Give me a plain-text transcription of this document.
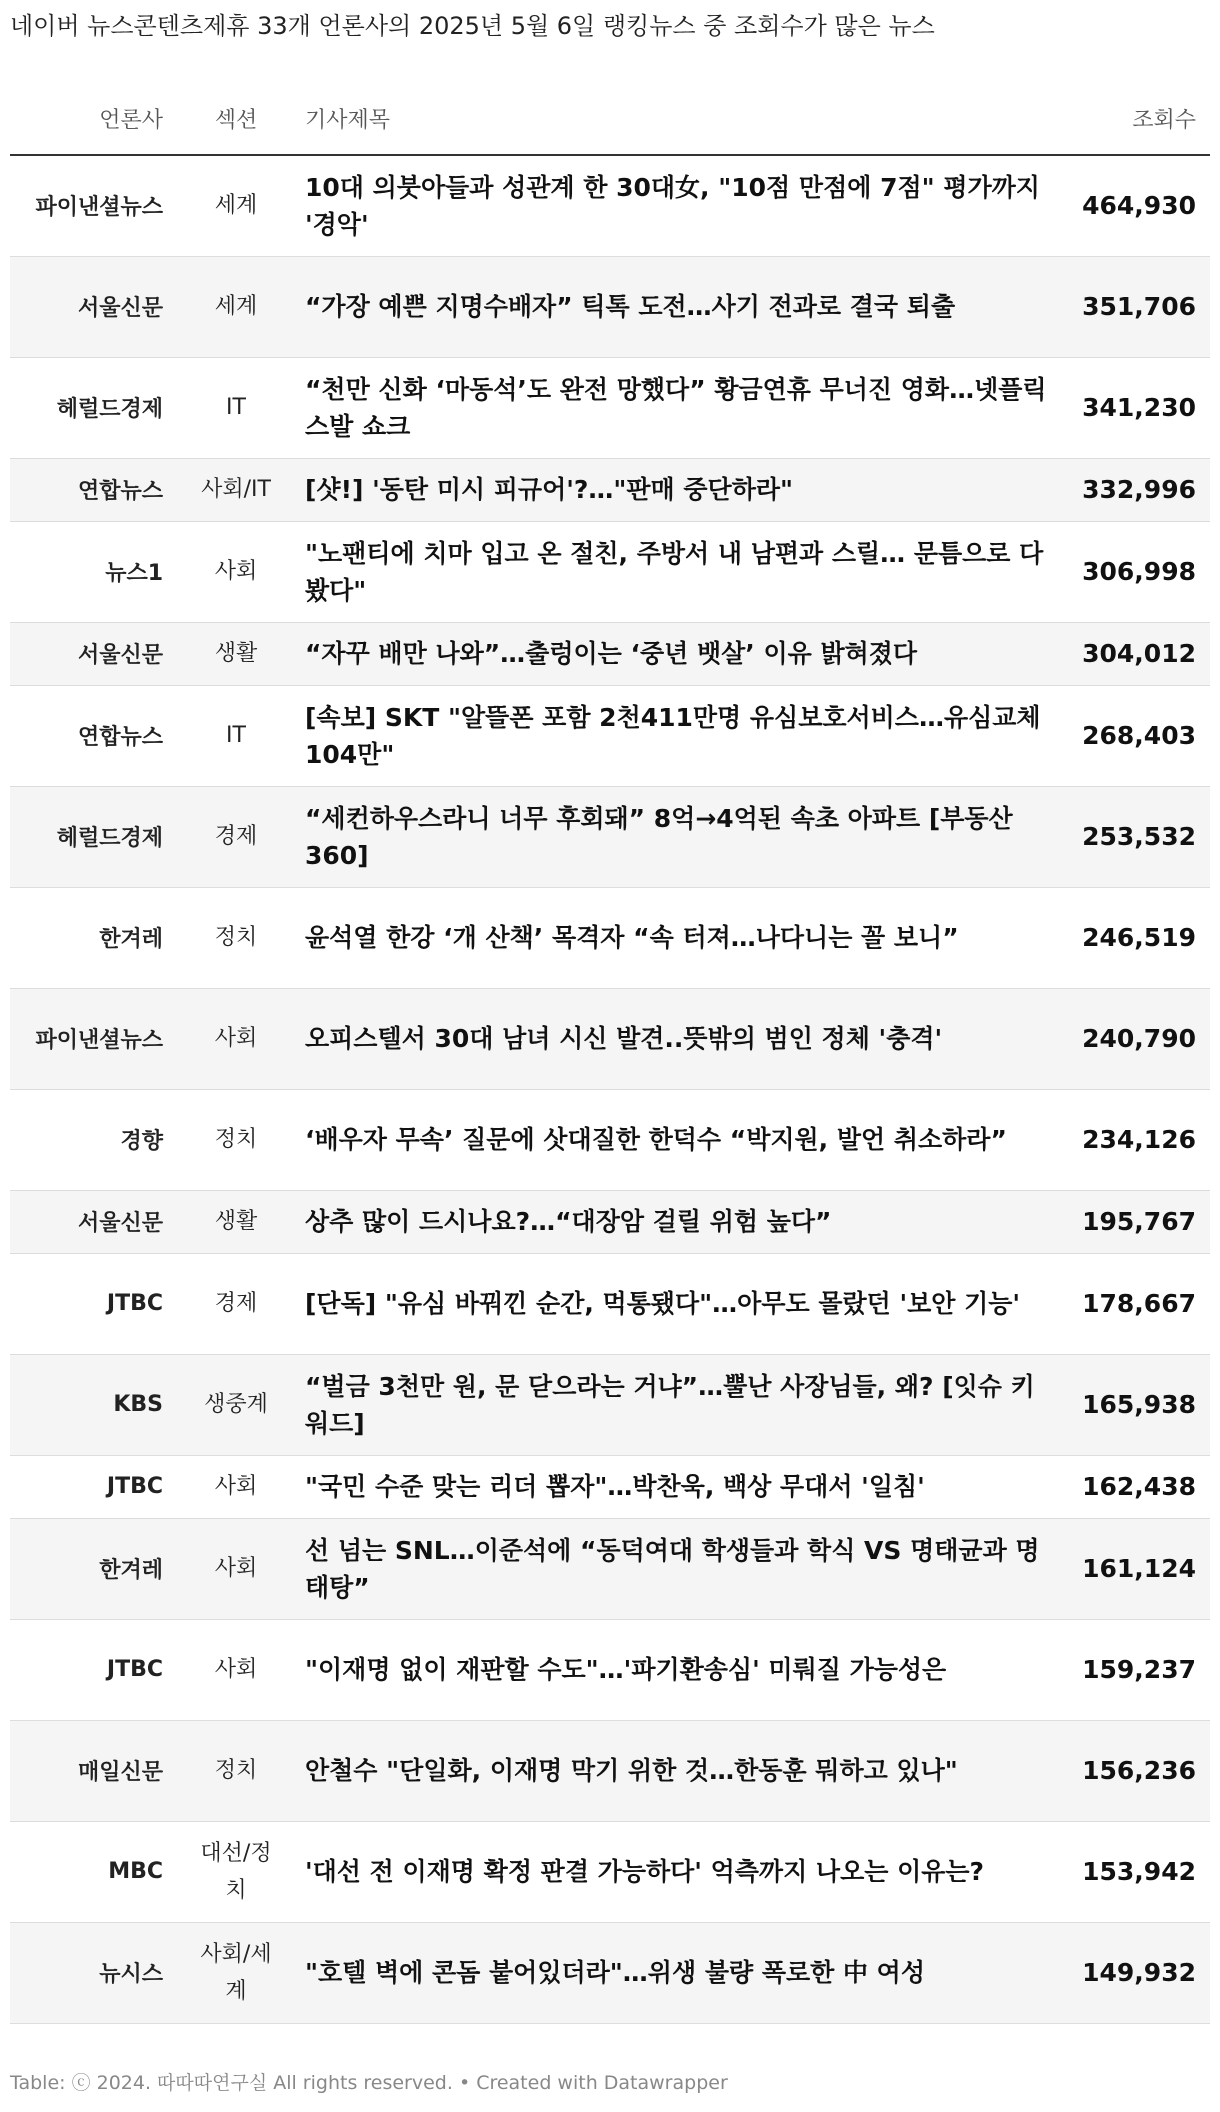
네이버 뉴스콘텐츠제휴 33개 언론사의 2025년 5월 6일 랭킹뉴스 중 조회수가 많은 뉴스
언론사	섹션	기사제목	조회수
파이낸셜뉴스	세계	10대 의붓아들과 성관계 한 30대女, "10점 만점에 7점" 평가까지 '경악'	464,930
서울신문	세계	“가장 예쁜 지명수배자” 틱톡 도전…사기 전과로 결국 퇴출	351,706
헤럴드경제	IT	“천만 신화 ‘마동석’도 완전 망했다” 황금연휴 무너진 영화…넷플릭스발 쇼크	341,230
연합뉴스	사회/IT	[샷!] '동탄 미시 피규어'?…"판매 중단하라"	332,996
뉴스1	사회	"노팬티에 치마 입고 온 절친, 주방서 내 남편과 스릴… 문틈으로 다 봤다"	306,998
서울신문	생활	“자꾸 배만 나와”…출렁이는 ‘중년 뱃살’ 이유 밝혀졌다	304,012
연합뉴스	IT	[속보] SKT "알뜰폰 포함 2천411만명 유심보호서비스…유심교체 104만"	268,403
헤럴드경제	경제	“세컨하우스라니 너무 후회돼” 8억→4억된 속초 아파트 [부동산360]	253,532
한겨레	정치	윤석열 한강 ‘개 산책’ 목격자 “속 터져…나다니는 꼴 보니”	246,519
파이낸셜뉴스	사회	오피스텔서 30대 남녀 시신 발견..뜻밖의 범인 정체 '충격'	240,790
경향	정치	‘배우자 무속’ 질문에 삿대질한 한덕수 “박지원, 발언 취소하라”	234,126
서울신문	생활	상추 많이 드시나요?…“대장암 걸릴 위험 높다”	195,767
JTBC	경제	[단독] "유심 바꿔낀 순간, 먹통됐다"…아무도 몰랐던 '보안 기능'	178,667
KBS	생중계	“벌금 3천만 원, 문 닫으라는 거냐”…뿔난 사장님들, 왜? [잇슈 키워드]	165,938
JTBC	사회	"국민 수준 맞는 리더 뽑자"…박찬욱, 백상 무대서 '일침'	162,438
한겨레	사회	선 넘는 SNL…이준석에 “동덕여대 학생들과 학식 VS 명태균과 명태탕”	161,124
JTBC	사회	"이재명 없이 재판할 수도"…'파기환송심' 미뤄질 가능성은	159,237
매일신문	정치	안철수 "단일화, 이재명 막기 위한 것…한동훈 뭐하고 있나"	156,236
MBC	대선/정치	'대선 전 이재명 확정 판결 가능하다' 억측까지 나오는 이유는?	153,942
뉴시스	사회/세계	"호텔 벽에 콘돔 붙어있더라"…위생 불량 폭로한 中 여성	149,932
Table: ⓒ 2024. 따따따연구실 All rights reserved. • Created with Datawrapper
